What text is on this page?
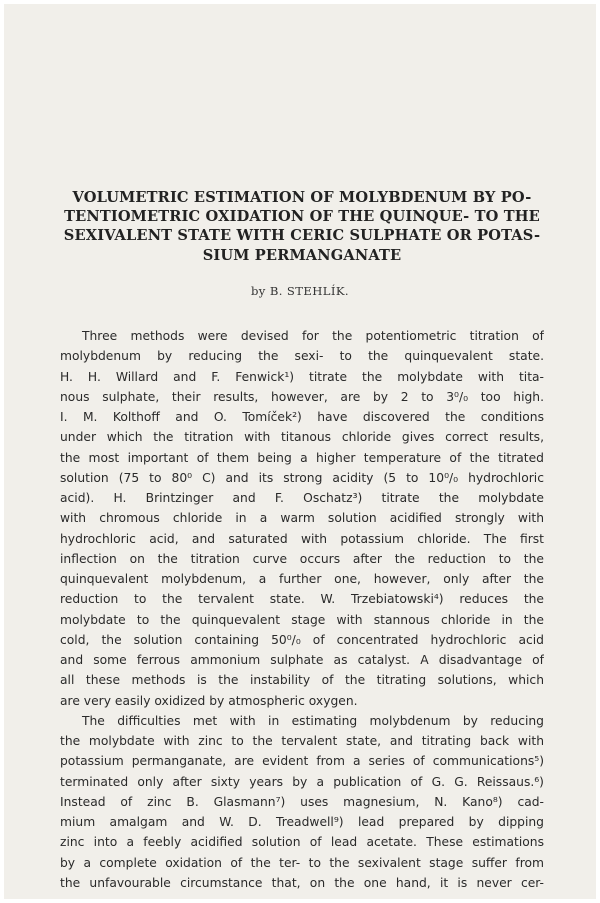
VOLUMETRIC ESTIMATION OF MOLYBDENUM BY PO-
TENTIOMETRIC OXIDATION OF THE QUINQUE- TO THE
SEXIVALENT STATE WITH CERIC SULPHATE OR POTAS-
SIUM PERMANGANATE
by B. STEHLÍK.
Three methods were devised for the potentiometric titration of
molybdenum by reducing the sexi- to the quinquevalent state.
H. H. Willard and F. Fenwick¹) titrate the molybdate with tita-
nous sulphate, their results, however, are by 2 to 3⁰/₀ too high.
I. M. Kolthoff and O. Tomíček²) have discovered the conditions
under which the titration with titanous chloride gives correct results,
the most important of them being a higher temperature of the titrated
solution (75 to 80⁰ C) and its strong acidity (5 to 10⁰/₀ hydrochloric
acid). H. Brintzinger and F. Oschatz³) titrate the molybdate
with chromous chloride in a warm solution acidified strongly with
hydrochloric acid, and saturated with potassium chloride. The first
inflection on the titration curve occurs after the reduction to the
quinquevalent molybdenum, a further one, however, only after the
reduction to the tervalent state. W. Trzebiatowski⁴) reduces the
molybdate to the quinquevalent stage with stannous chloride in the
cold, the solution containing 50⁰/₀ of concentrated hydrochloric acid
and some ferrous ammonium sulphate as catalyst. A disadvantage of
all these methods is the instability of the titrating solutions, which
are very easily oxidized by atmospheric oxygen.
The difficulties met with in estimating molybdenum by reducing
the molybdate with zinc to the tervalent state, and titrating back with
potassium permanganate, are evident from a series of communications⁵)
terminated only after sixty years by a publication of G. G. Reissaus.⁶)
Instead of zinc B. Glasmann⁷) uses magnesium, N. Kano⁸) cad-
mium amalgam and W. D. Treadwell⁹) lead prepared by dipping
zinc into a feebly acidified solution of lead acetate. These estimations
by a complete oxidation of the ter- to the sexivalent stage suffer from
the unfavourable circumstance that, on the one hand, it is never cer-
